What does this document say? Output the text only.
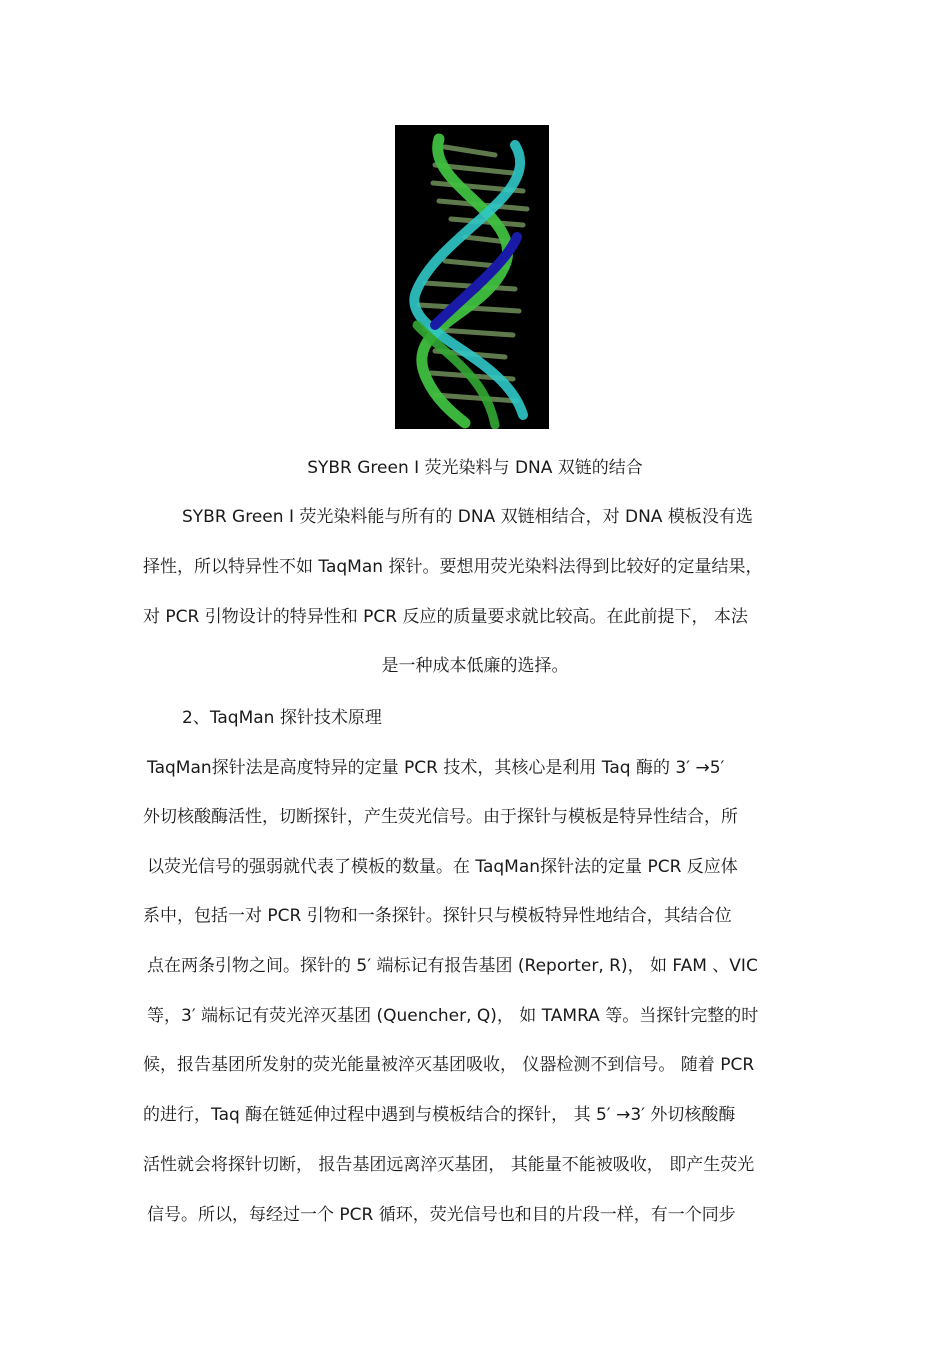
SYBR Green I 荧光染料与 DNA 双链的结合
SYBR Green I 荧光染料能与所有的 DNA 双链相结合，对 DNA 模板没有选
择性，所以特异性不如 TaqMan 探针。要想用荧光染料法得到比较好的定量结果，
对 PCR 引物设计的特异性和 PCR 反应的质量要求就比较高。在此前提下， 本法
是一种成本低廉的选择。
2、TaqMan 探针技术原理
TaqMan探针法是高度特异的定量 PCR 技术，其核心是利用 Taq 酶的 3′ →5′
外切核酸酶活性，切断探针，产生荧光信号。由于探针与模板是特异性结合，所
以荧光信号的强弱就代表了模板的数量。在 TaqMan探针法的定量 PCR 反应体
系中，包括一对 PCR 引物和一条探针。探针只与模板特异性地结合，其结合位
点在两条引物之间。探针的 5′ 端标记有报告基团 (Reporter, R)， 如 FAM 、VIC
等，3′ 端标记有荧光淬灭基团 (Quencher, Q)， 如 TAMRA 等。当探针完整的时
候，报告基团所发射的荧光能量被淬灭基团吸收， 仪器检测不到信号。 随着 PCR
的进行，Taq 酶在链延伸过程中遇到与模板结合的探针， 其 5′ →3′ 外切核酸酶
活性就会将探针切断， 报告基团远离淬灭基团， 其能量不能被吸收， 即产生荧光
信号。所以，每经过一个 PCR 循环，荧光信号也和目的片段一样，有一个同步
